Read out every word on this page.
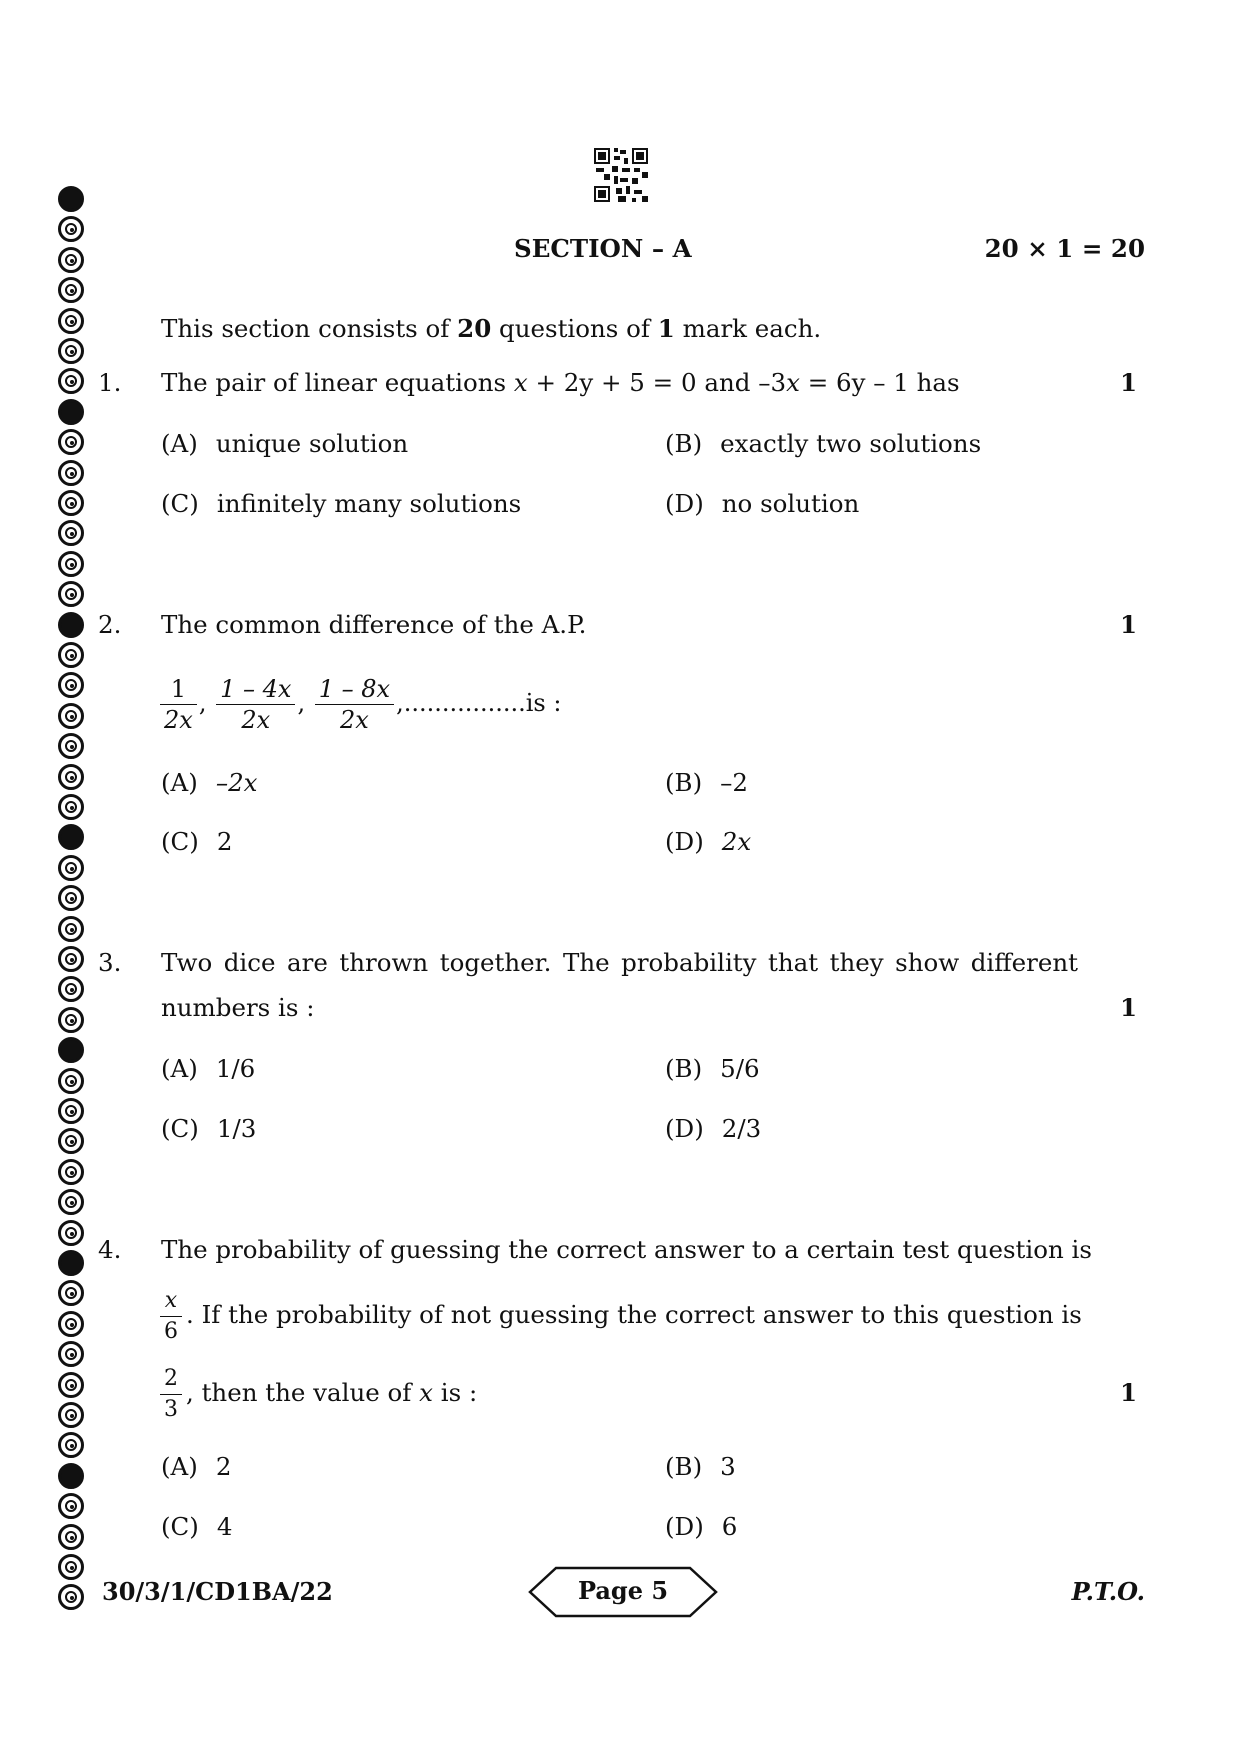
SECTION – A	20 × 1 = 20
This section consists of 20 questions of 1 mark each.
1. The pair of linear equations x + 2y + 5 = 0 and –3x = 6y – 1 has	1
(A) unique solution	(B) exactly two solutions
(C) infinitely many solutions	(D) no solution
2. The common difference of the A.P.	1
$\frac{1}{2x}$ , $\frac{1 - 4x}{2x}$ , $\frac{1 - 8x}{2x} ,................is$ :
(A) –2x	(B) –2
(C) 2	(D) 2x
3. Two dice are thrown together. The probability that they show different
numbers is :	1
(A) 1/6	(B) 5/6
(C) 1/3	(D) 2/3
4. The probability of guessing the correct answer to a certain test question is
$\frac{x}{6}$ . If the probability of not guessing the correct answer to this question is
$\frac{2}{3}$ , then the value of x is :	1
(A) 2	(B) 3
(C) 4	(D) 6
30/3/1/CD1BA/22	Page 5	P.T.O.
